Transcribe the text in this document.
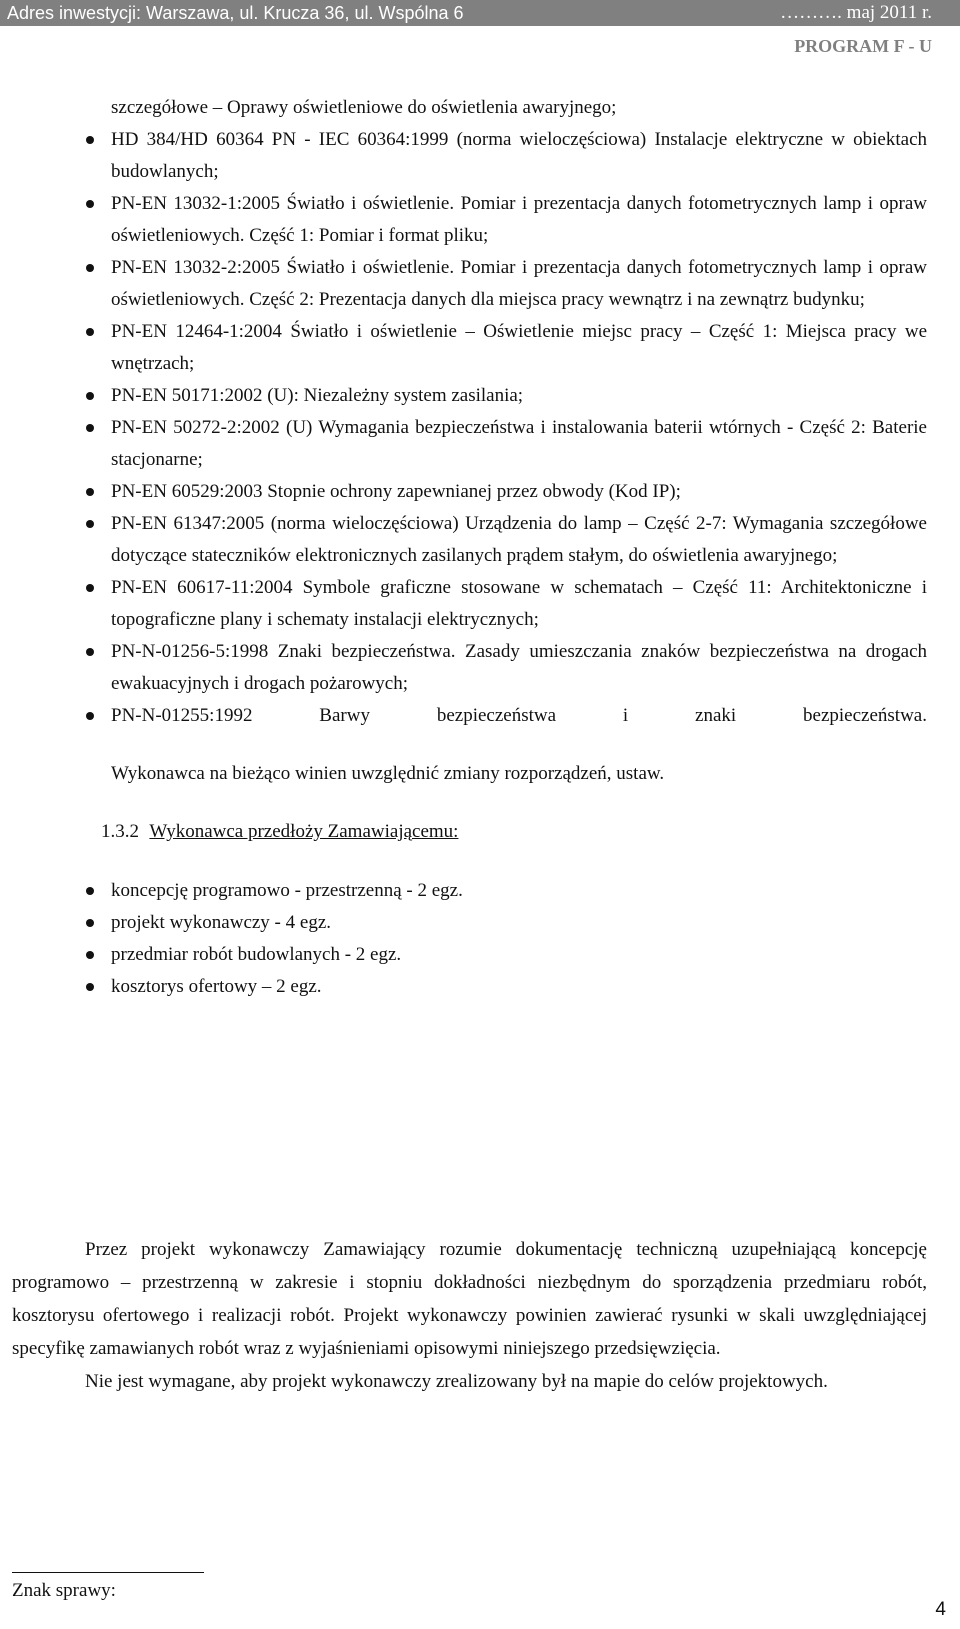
Adres inwestycji: Warszawa, ul. Krucza 36, ul. Wspólna 6	………. maj 2011 r.
PROGRAM F - U
szczegółowe – Oprawy oświetleniowe do oświetlenia awaryjnego;
HD 384/HD 60364 PN - IEC 60364:1999 (norma wieloczęściowa) Instalacje elektryczne w obiektach budowlanych;
PN-EN 13032-1:2005 Światło i oświetlenie. Pomiar i prezentacja danych fotometrycznych lamp i opraw oświetleniowych. Część 1: Pomiar i format pliku;
PN-EN 13032-2:2005 Światło i oświetlenie. Pomiar i prezentacja danych fotometrycznych lamp i opraw oświetleniowych. Część 2: Prezentacja danych dla miejsca pracy wewnątrz i na zewnątrz budynku;
PN-EN 12464-1:2004 Światło i oświetlenie – Oświetlenie miejsc pracy – Część 1: Miejsca pracy we wnętrzach;
PN-EN 50171:2002 (U): Niezależny system zasilania;
PN-EN 50272-2:2002 (U) Wymagania bezpieczeństwa i instalowania baterii wtórnych - Część 2: Baterie stacjonarne;
PN-EN 60529:2003 Stopnie ochrony zapewnianej przez obwody (Kod IP);
PN-EN 61347:2005 (norma wieloczęściowa) Urządzenia do lamp – Część 2-7: Wymagania szczegółowe dotyczące stateczników elektronicznych zasilanych prądem stałym, do oświetlenia awaryjnego;
PN-EN 60617-11:2004 Symbole graficzne stosowane w schematach – Część 11: Architektoniczne i topograficzne plany i schematy instalacji elektrycznych;
PN-N-01256-5:1998 Znaki bezpieczeństwa. Zasady umieszczania znaków bezpieczeństwa na drogach ewakuacyjnych i drogach pożarowych;
PN-N-01255:1992 Barwy bezpieczeństwa i znaki bezpieczeństwa.
Wykonawca na bieżąco winien uwzględnić zmiany rozporządzeń, ustaw.
1.3.2 Wykonawca przedłoży Zamawiającemu:
koncepcję programowo - przestrzenną - 2 egz.
projekt wykonawczy - 4 egz.
przedmiar robót budowlanych - 2 egz.
kosztorys ofertowy – 2 egz.

Przez projekt wykonawczy Zamawiający rozumie dokumentację techniczną uzupełniającą koncepcję programowo – przestrzenną w zakresie i stopniu dokładności niezbędnym do sporządzenia przedmiaru robót, kosztorysu ofertowego i realizacji robót. Projekt wykonawczy powinien zawierać rysunki w skali uwzględniającej specyfikę zamawianych robót wraz z wyjaśnieniami opisowymi niniejszego przedsięwzięcia.

Nie jest wymagane, aby projekt wykonawczy zrealizowany był na mapie do celów projektowych.

Znak sprawy:
4
